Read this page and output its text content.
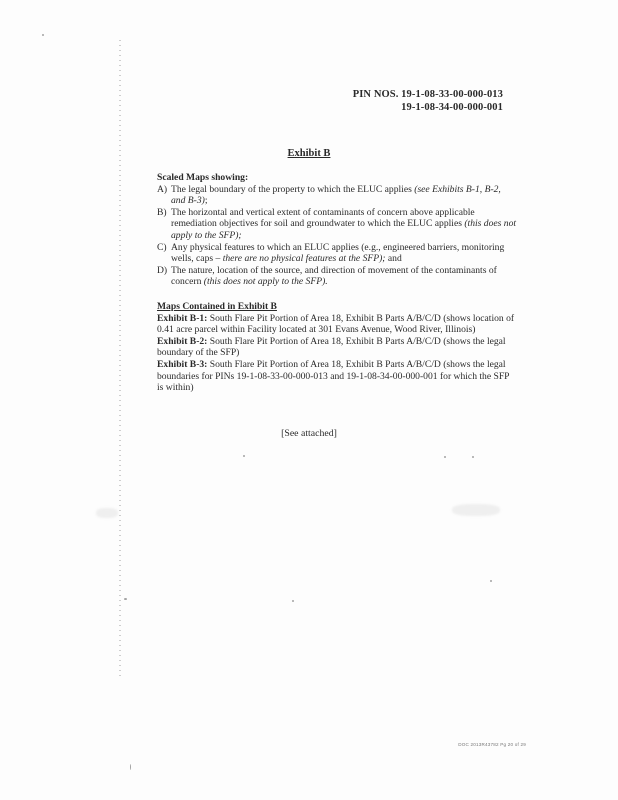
PIN NOS. 19-1-08-33-00-000-013
19-1-08-34-00-000-001
Exhibit B
Scaled Maps showing:
A) The legal boundary of the property to which the ELUC applies (see Exhibits B-1, B-2, and B-3);
B) The horizontal and vertical extent of contaminants of concern above applicable remediation objectives for soil and groundwater to which the ELUC applies (this does not apply to the SFP);
C) Any physical features to which an ELUC applies (e.g., engineered barriers, monitoring wells, caps – there are no physical features at the SFP); and
D) The nature, location of the source, and direction of movement of the contaminants of concern (this does not apply to the SFP).
Maps Contained in Exhibit B
Exhibit B-1: South Flare Pit Portion of Area 18, Exhibit B Parts A/B/C/D (shows location of 0.41 acre parcel within Facility located at 301 Evans Avenue, Wood River, Illinois)
Exhibit B-2: South Flare Pit Portion of Area 18, Exhibit B Parts A/B/C/D (shows the legal boundary of the SFP)
Exhibit B-3: South Flare Pit Portion of Area 18, Exhibit B Parts A/B/C/D (shows the legal boundaries for PINs 19-1-08-33-00-000-013 and 19-1-08-34-00-000-001 for which the SFP is within)
[See attached]
DOC 2013R43782 Pg 20 of 29
